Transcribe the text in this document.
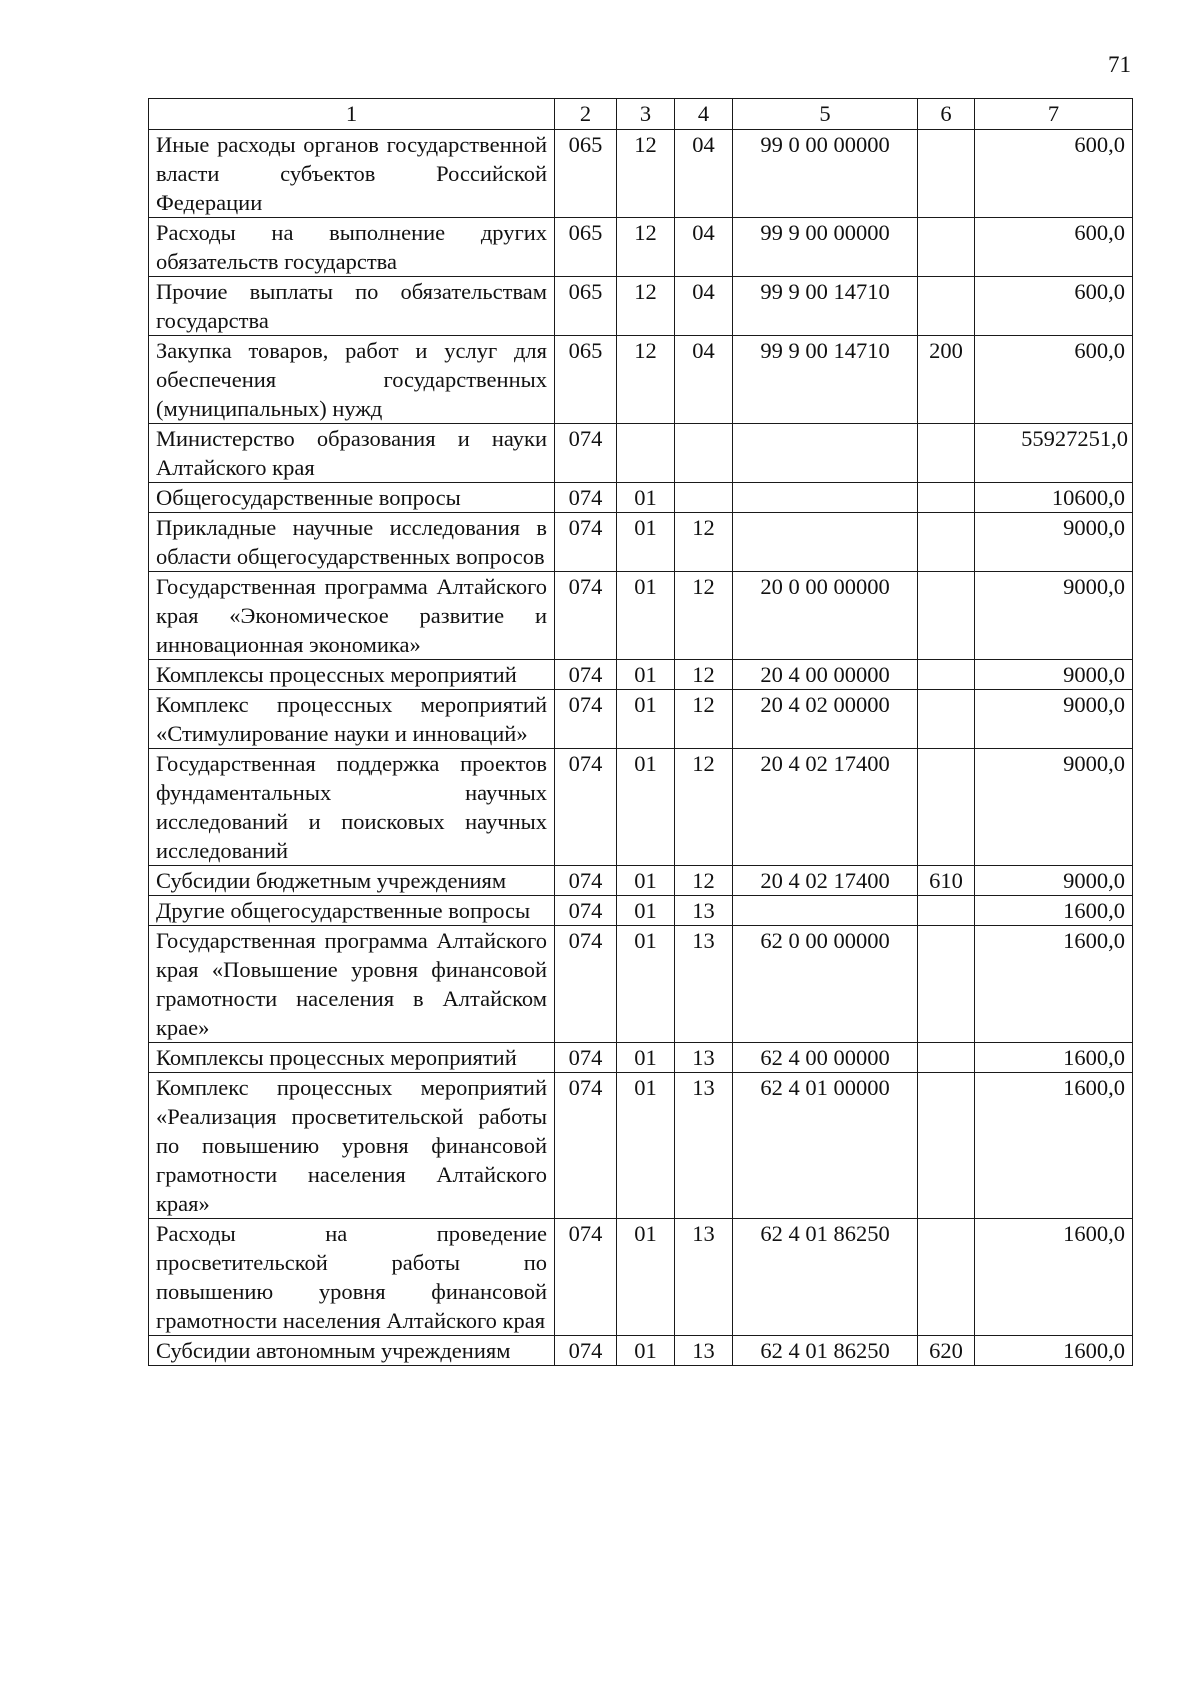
71
1	2	3	4	5	6	7
Иные расходы органов государственной власти субъектов Российской Федерации	065	12	04	99 0 00 00000		600,0
Расходы на выполнение других обязательств государства	065	12	04	99 9 00 00000		600,0
Прочие выплаты по обязательствам государства	065	12	04	99 9 00 14710		600,0
Закупка товаров, работ и услуг для обеспечения государственных (муниципальных) нужд	065	12	04	99 9 00 14710	200	600,0
Министерство образования и науки Алтайского края	074					55927251,0
Общегосударственные вопросы	074	01				10600,0
Прикладные научные исследования в области общегосударственных вопросов	074	01	12			9000,0
Государственная программа Алтайского края «Экономическое развитие и инновационная экономика»	074	01	12	20 0 00 00000		9000,0
Комплексы процессных мероприятий	074	01	12	20 4 00 00000		9000,0
Комплекс процессных мероприятий «Стимулирование науки и инноваций»	074	01	12	20 4 02 00000		9000,0
Государственная поддержка проектов фундаментальных научных исследований и поисковых научных исследований	074	01	12	20 4 02 17400		9000,0
Субсидии бюджетным учреждениям	074	01	12	20 4 02 17400	610	9000,0
Другие общегосударственные вопросы	074	01	13			1600,0
Государственная программа Алтайского края «Повышение уровня финансовой грамотности населения в Алтайском крае»	074	01	13	62 0 00 00000		1600,0
Комплексы процессных мероприятий	074	01	13	62 4 00 00000		1600,0
Комплекс процессных мероприятий «Реализация просветительской работы по повышению уровня финансовой грамотности населения Алтайского края»	074	01	13	62 4 01 00000		1600,0
Расходы на проведение просветительской работы по повышению уровня финансовой грамотности населения Алтайского края	074	01	13	62 4 01 86250		1600,0
Субсидии автономным учреждениям	074	01	13	62 4 01 86250	620	1600,0
